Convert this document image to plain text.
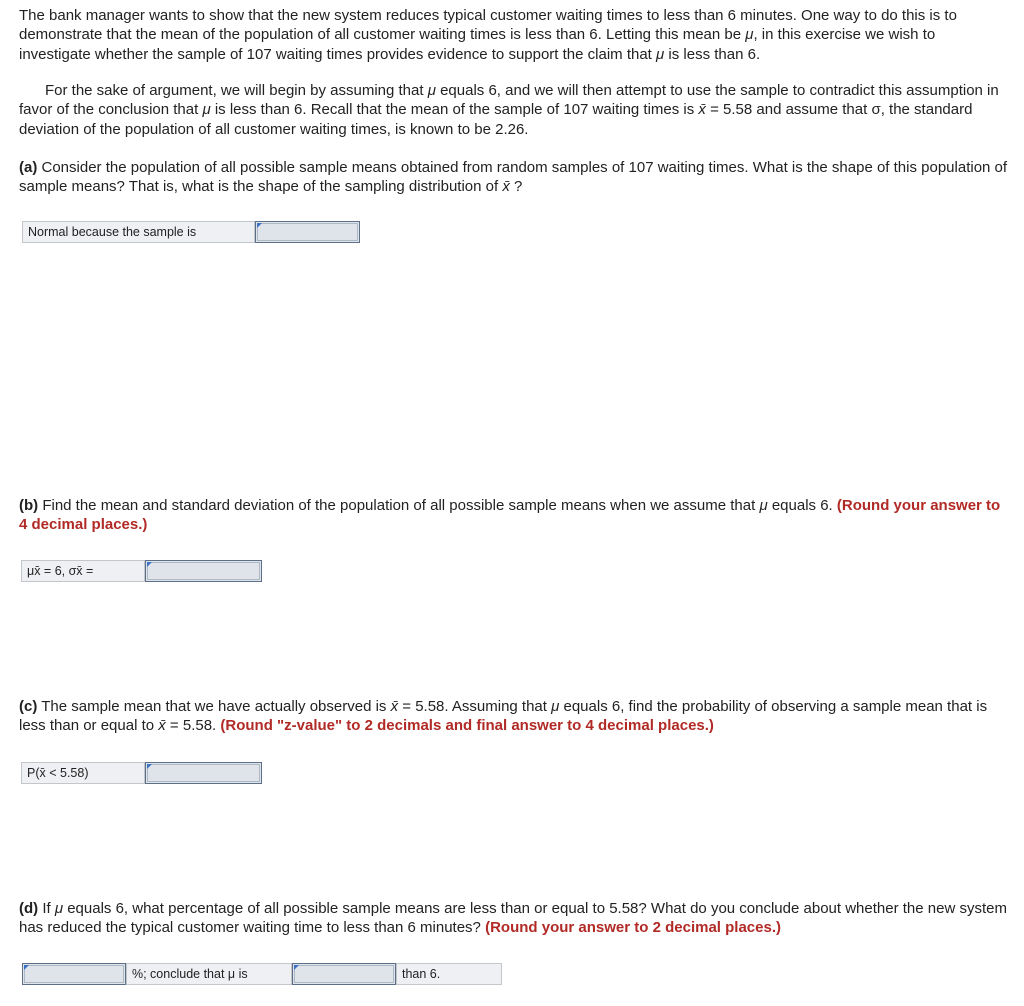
The bank manager wants to show that the new system reduces typical customer waiting times to less than 6 minutes. One way to do this is to demonstrate that the mean of the population of all customer waiting times is less than 6. Letting this mean be μ, in this exercise we wish to investigate whether the sample of 107 waiting times provides evidence to support the claim that μ is less than 6.

For the sake of argument, we will begin by assuming that μ equals 6, and we will then attempt to use the sample to contradict this assumption in favor of the conclusion that μ is less than 6. Recall that the mean of the sample of 107 waiting times is x̄ = 5.58 and assume that σ, the standard deviation of the population of all customer waiting times, is known to be 2.26.

(a) Consider the population of all possible sample means obtained from random samples of 107 waiting times. What is the shape of this population of sample means? That is, what is the shape of the sampling distribution of x̄ ?

Normal because the sample is

(b) Find the mean and standard deviation of the population of all possible sample means when we assume that μ equals 6. (Round your answer to 4 decimal places.)

μx̄ = 6, σx̄ =

(c) The sample mean that we have actually observed is x̄ = 5.58. Assuming that μ equals 6, find the probability of observing a sample mean that is less than or equal to x̄ = 5.58. (Round "z-value" to 2 decimals and final answer to 4 decimal places.)

P(x̄ < 5.58)

(d) If μ equals 6, what percentage of all possible sample means are less than or equal to 5.58? What do you conclude about whether the new system has reduced the typical customer waiting time to less than 6 minutes? (Round your answer to 2 decimal places.)

%; conclude that μ is	than 6.
